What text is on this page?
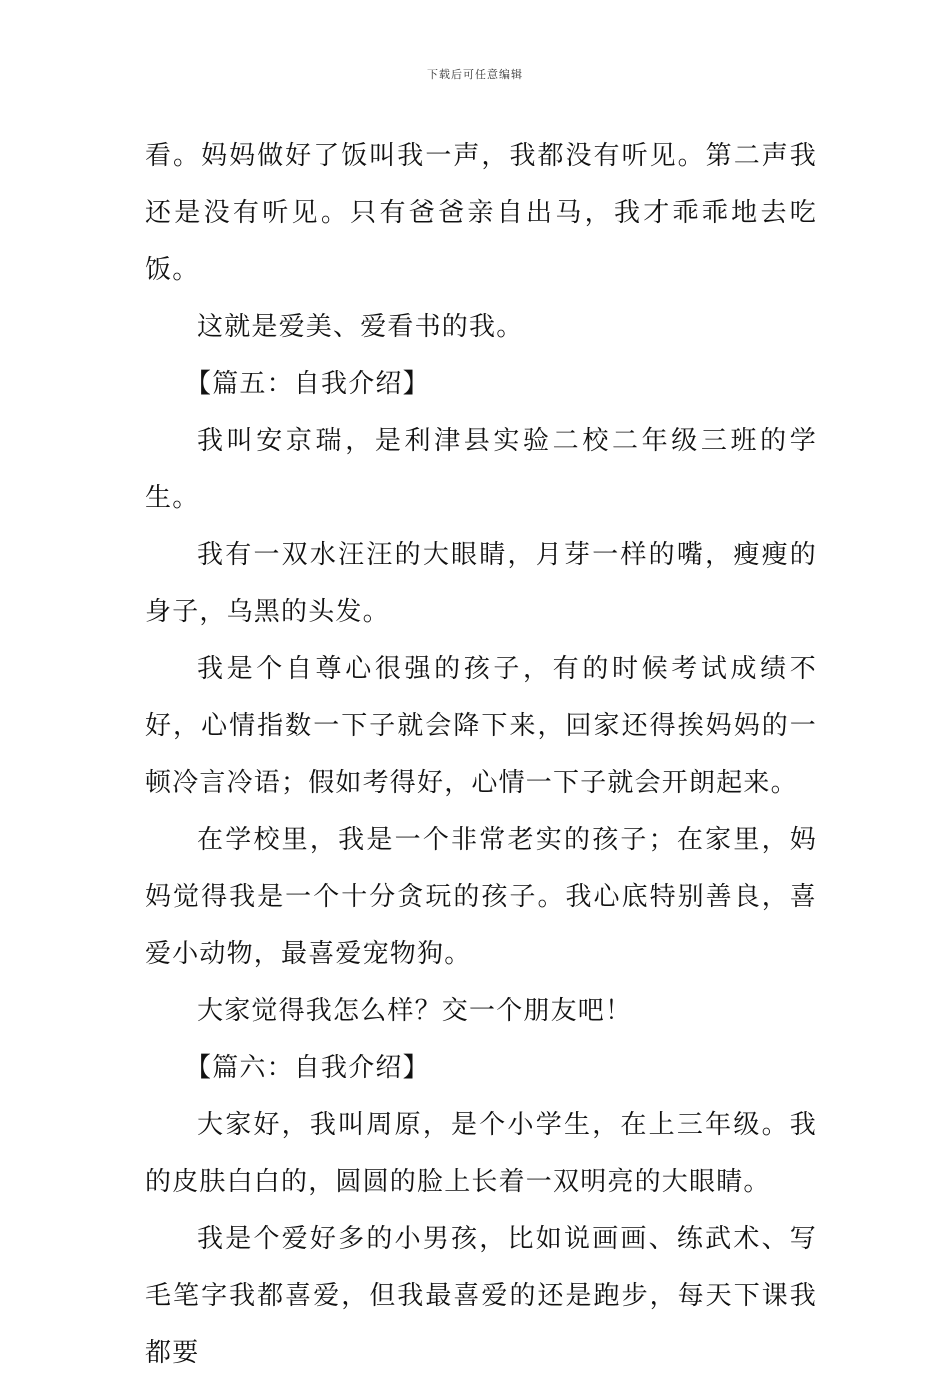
下载后可任意编辑

看。妈妈做好了饭叫我一声，我都没有听见。第二声我还是没有听见。只有爸爸亲自出马，我才乖乖地去吃饭。

这就是爱美、爱看书的我。

【篇五：自我介绍】

我叫安京瑞，是利津县实验二校二年级三班的学生。

我有一双水汪汪的大眼睛，月芽一样的嘴，瘦瘦的身子，乌黑的头发。

我是个自尊心很强的孩子，有的时候考试成绩不好，心情指数一下子就会降下来，回家还得挨妈妈的一顿冷言冷语；假如考得好，心情一下子就会开朗起来。

在学校里，我是一个非常老实的孩子；在家里，妈妈觉得我是一个十分贪玩的孩子。我心底特别善良，喜爱小动物，最喜爱宠物狗。

大家觉得我怎么样？交一个朋友吧！

【篇六：自我介绍】

大家好，我叫周原，是个小学生，在上三年级。我的皮肤白白的，圆圆的脸上长着一双明亮的大眼睛。

我是个爱好多的小男孩，比如说画画、练武术、写毛笔字我都喜爱，但我最喜爱的还是跑步，每天下课我都要
